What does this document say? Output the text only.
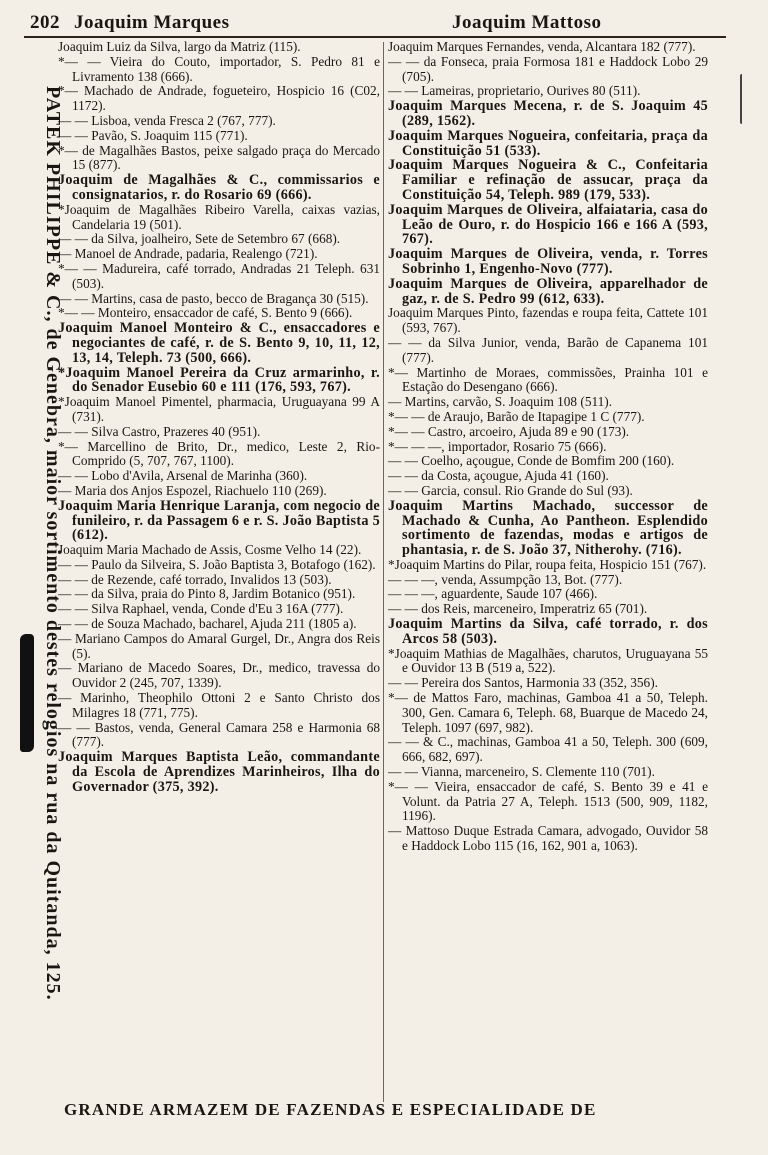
202 Joaquim Marques	Joaquim Mattoso
PATEK PHILIPPE & C., de Genebra, maior sortimento destes relogios na rua da Quitanda, 125.

Joaquim Luiz da Silva, largo da Matriz (115).

*— — Vieira do Couto, importador, S. Pedro 81 e Livramento 138 (666).

*— Machado de Andrade, fogueteiro, Hospicio 16 (C02, 1172).

— — Lisboa, venda Fresca 2 (767, 777).

— — Pavão, S. Joaquim 115 (771).

*— de Magalhães Bastos, peixe salgado praça do Mercado 15 (877).

Joaquim de Magalhães & C., commissarios e consignatarios, r. do Rosario 69 (666).

*Joaquim de Magalhães Ribeiro Varella, caixas vazias, Candelaria 19 (501).

— — da Silva, joalheiro, Sete de Setembro 67 (668).

— Manoel de Andrade, padaria, Realengo (721).

*— — Madureira, café torrado, Andradas 21 Teleph. 631 (503).

— — Martins, casa de pasto, becco de Bragança 30 (515).

*— — Monteiro, ensaccador de café, S. Bento 9 (666).

Joaquim Manoel Monteiro & C., ensaccadores e negociantes de café, r. de S. Bento 9, 10, 11, 12, 13, 14, Teleph. 73 (500, 666).

*Joaquim Manoel Pereira da Cruz armarinho, r. do Senador Eusebio 60 e 111 (176, 593, 767).

*Joaquim Manoel Pimentel, pharmacia, Uruguayana 99 A (731).

— — Silva Castro, Prazeres 40 (951).

*— Marcellino de Brito, Dr., medico, Leste 2, Rio-Comprido (5, 707, 767, 1100).

— — Lobo d'Avila, Arsenal de Marinha (360).

— Maria dos Anjos Espozel, Riachuelo 110 (269).

Joaquim Maria Henrique Laranja, com negocio de funileiro, r. da Passagem 6 e r. S. João Baptista 5 (612).

Joaquim Maria Machado de Assis, Cosme Velho 14 (22).

— — Paulo da Silveira, S. João Baptista 3, Botafogo (162).

— — de Rezende, café torrado, Invalidos 13 (503).

— — da Silva, praia do Pinto 8, Jardim Botanico (951).

— — Silva Raphael, venda, Conde d'Eu 3 16A (777).

— — de Souza Machado, bacharel, Ajuda 211 (1805 a).

— Mariano Campos do Amaral Gurgel, Dr., Angra dos Reis (5).

— Mariano de Macedo Soares, Dr., medico, travessa do Ouvidor 2 (245, 707, 1339).

— Marinho, Theophilo Ottoni 2 e Santo Christo dos Milagres 18 (771, 775).

— — Bastos, venda, General Camara 258 e Harmonia 68 (777).

Joaquim Marques Baptista Leão, commandante da Escola de Aprendizes Marinheiros, Ilha do Governador (375, 392).

Joaquim Marques Fernandes, venda, Alcantara 182 (777).

— — da Fonseca, praia Formosa 181 e Haddock Lobo 29 (705).

— — Lameiras, proprietario, Ourives 80 (511).

Joaquim Marques Mecena, r. de S. Joaquim 45 (289, 1562).

Joaquim Marques Nogueira, confeitaria, praça da Constituição 51 (533).

Joaquim Marques Nogueira & C., Confeitaria Familiar e refinação de assucar, praça da Constituição 54, Teleph. 989 (179, 533).

Joaquim Marques de Oliveira, alfaiataria, casa do Leão de Ouro, r. do Hospicio 166 e 166 A (593, 767).

Joaquim Marques de Oliveira, venda, r. Torres Sobrinho 1, Engenho-Novo (777).

Joaquim Marques de Oliveira, apparelhador de gaz, r. de S. Pedro 99 (612, 633).

Joaquim Marques Pinto, fazendas e roupa feita, Cattete 101 (593, 767).

— — da Silva Junior, venda, Barão de Capanema 101 (777).

*— Martinho de Moraes, commissões, Prainha 101 e Estação do Desengano (666).

— Martins, carvão, S. Joaquim 108 (511).

*— — de Araujo, Barão de Itapagipe 1 C (777).

*— — Castro, arcoeiro, Ajuda 89 e 90 (173).

*— — —, importador, Rosario 75 (666).

— — Coelho, açougue, Conde de Bomfim 200 (160).

— — da Costa, açougue, Ajuda 41 (160).

— — Garcia, consul. Rio Grande do Sul (93).

Joaquim Martins Machado, successor de Machado & Cunha, Ao Pantheon. Esplendido sortimento de fazendas, modas e artigos de phantasia, r. de S. João 37, Nitherohy. (716).

*Joaquim Martins do Pilar, roupa feita, Hospicio 151 (767).

— — —, venda, Assumpção 13, Bot. (777).

— — —, aguardente, Saude 107 (466).

— — dos Reis, marceneiro, Imperatriz 65 (701).

Joaquim Martins da Silva, café torrado, r. dos Arcos 58 (503).

*Joaquim Mathias de Magalhães, charutos, Uruguayana 55 e Ouvidor 13 B (519 a, 522).

— — Pereira dos Santos, Harmonia 33 (352, 356).

*— de Mattos Faro, machinas, Gamboa 41 a 50, Teleph. 300, Gen. Camara 6, Teleph. 68, Buarque de Macedo 24, Teleph. 1097 (697, 982).

— — & C., machinas, Gamboa 41 a 50, Teleph. 300 (609, 666, 682, 697).

— — Vianna, marceneiro, S. Clemente 110 (701).

*— — Vieira, ensaccador de café, S. Bento 39 e 41 e Volunt. da Patria 27 A, Teleph. 1513 (500, 909, 1182, 1196).

— Mattoso Duque Estrada Camara, advogado, Ouvidor 58 e Haddock Lobo 115 (16, 162, 901 a, 1063).

GRANDE ARMAZEM DE FAZENDAS E ESPECIALIDADE DE
